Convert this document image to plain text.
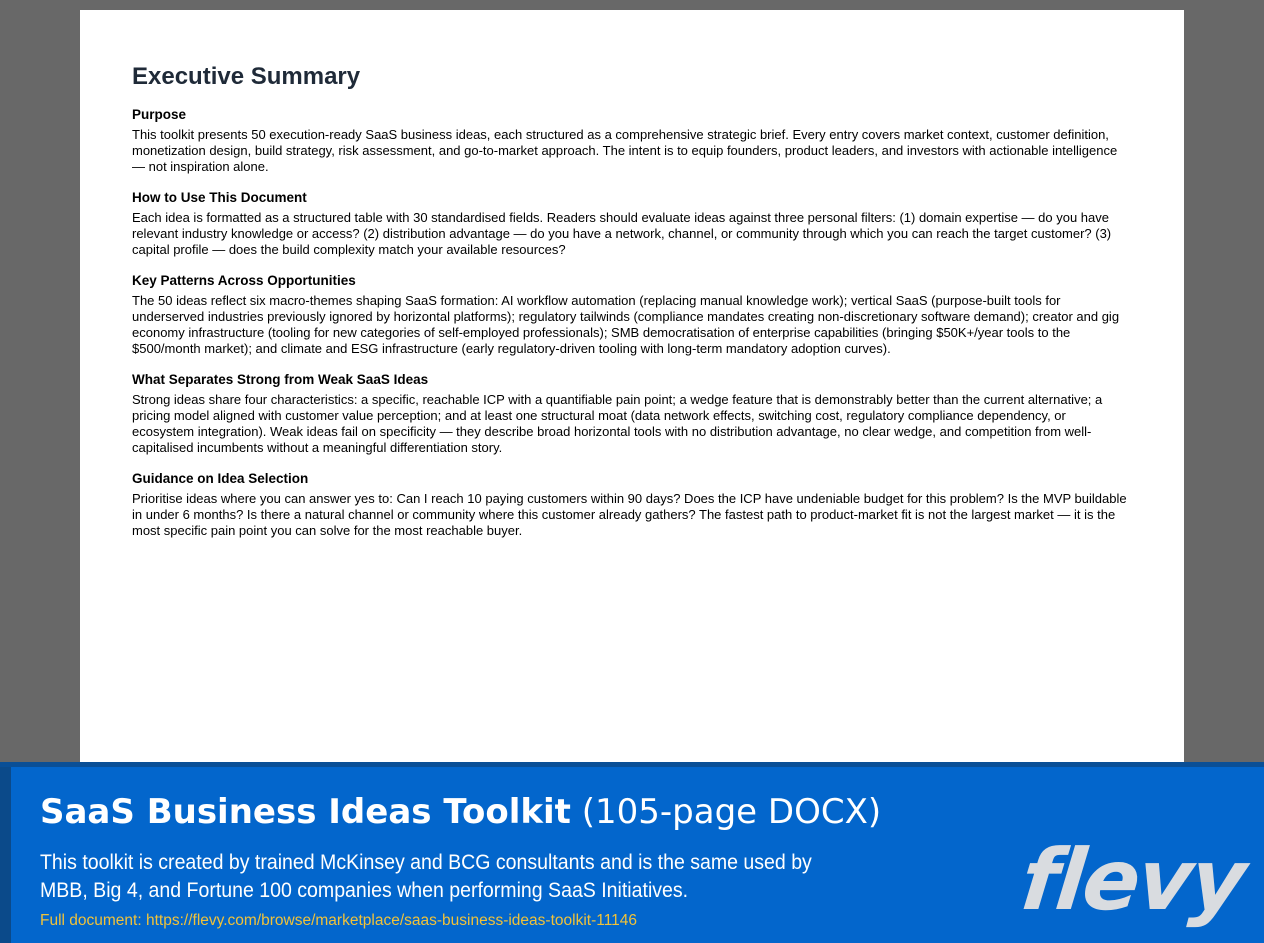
Executive Summary
Purpose
This toolkit presents 50 execution-ready SaaS business ideas, each structured as a comprehensive strategic brief. Every entry covers market context, customer definition, monetization design, build strategy, risk assessment, and go-to-market approach. The intent is to equip founders, product leaders, and investors with actionable intelligence — not inspiration alone.
How to Use This Document
Each idea is formatted as a structured table with 30 standardised fields. Readers should evaluate ideas against three personal filters: (1) domain expertise — do you have relevant industry knowledge or access? (2) distribution advantage — do you have a network, channel, or community through which you can reach the target customer? (3) capital profile — does the build complexity match your available resources?
Key Patterns Across Opportunities
The 50 ideas reflect six macro-themes shaping SaaS formation: AI workflow automation (replacing manual knowledge work); vertical SaaS (purpose-built tools for underserved industries previously ignored by horizontal platforms); regulatory tailwinds (compliance mandates creating non-discretionary software demand); creator and gig economy infrastructure (tooling for new categories of self-employed professionals); SMB democratisation of enterprise capabilities (bringing $50K+/year tools to the $500/month market); and climate and ESG infrastructure (early regulatory-driven tooling with long-term mandatory adoption curves).
What Separates Strong from Weak SaaS Ideas
Strong ideas share four characteristics: a specific, reachable ICP with a quantifiable pain point; a wedge feature that is demonstrably better than the current alternative; a pricing model aligned with customer value perception; and at least one structural moat (data network effects, switching cost, regulatory compliance dependency, or ecosystem integration). Weak ideas fail on specificity — they describe broad horizontal tools with no distribution advantage, no clear wedge, and competition from well-capitalised incumbents without a meaningful differentiation story.
Guidance on Idea Selection
Prioritise ideas where you can answer yes to: Can I reach 10 paying customers within 90 days? Does the ICP have undeniable budget for this problem? Is the MVP buildable in under 6 months? Is there a natural channel or community where this customer already gathers? The fastest path to product-market fit is not the largest market — it is the most specific pain point you can solve for the most reachable buyer.
SaaS Business Ideas Toolkit (105-page DOCX)
This toolkit is created by trained McKinsey and BCG consultants and is the same used by MBB, Big 4, and Fortune 100 companies when performing SaaS Initiatives.
Full document: https://flevy.com/browse/marketplace/saas-business-ideas-toolkit-11146	flevy
